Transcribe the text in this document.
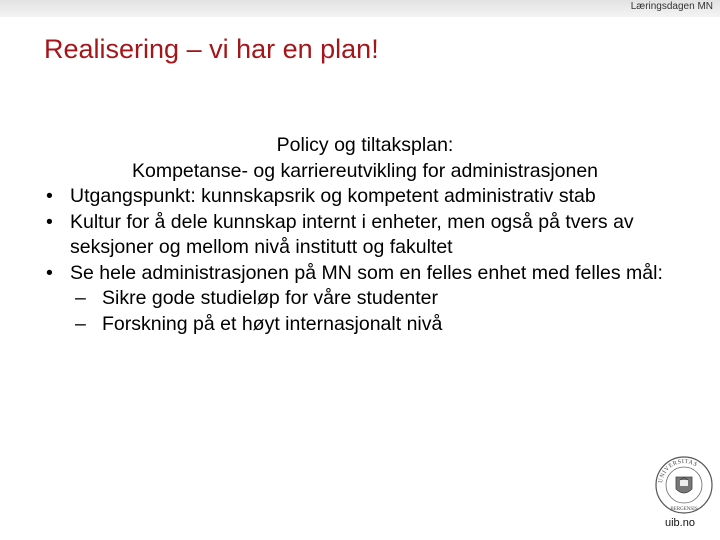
Læringsdagen MN
Realisering – vi har en plan!
Policy og tiltaksplan:
Kompetanse- og karriereutvikling for administrasjonen
• Utgangspunkt: kunnskapsrik og kompetent administrativ stab
• Kultur for å dele kunnskap internt i enheter, men også på tvers av seksjoner og mellom nivå institutt og fakultet
• Se hele administrasjonen på MN som en felles enhet med felles mål:
– Sikre gode studieløp for våre studenter
– Forskning på et høyt internasjonalt nivå
UNIVERSITAS
BERGENSIS
uib.no
